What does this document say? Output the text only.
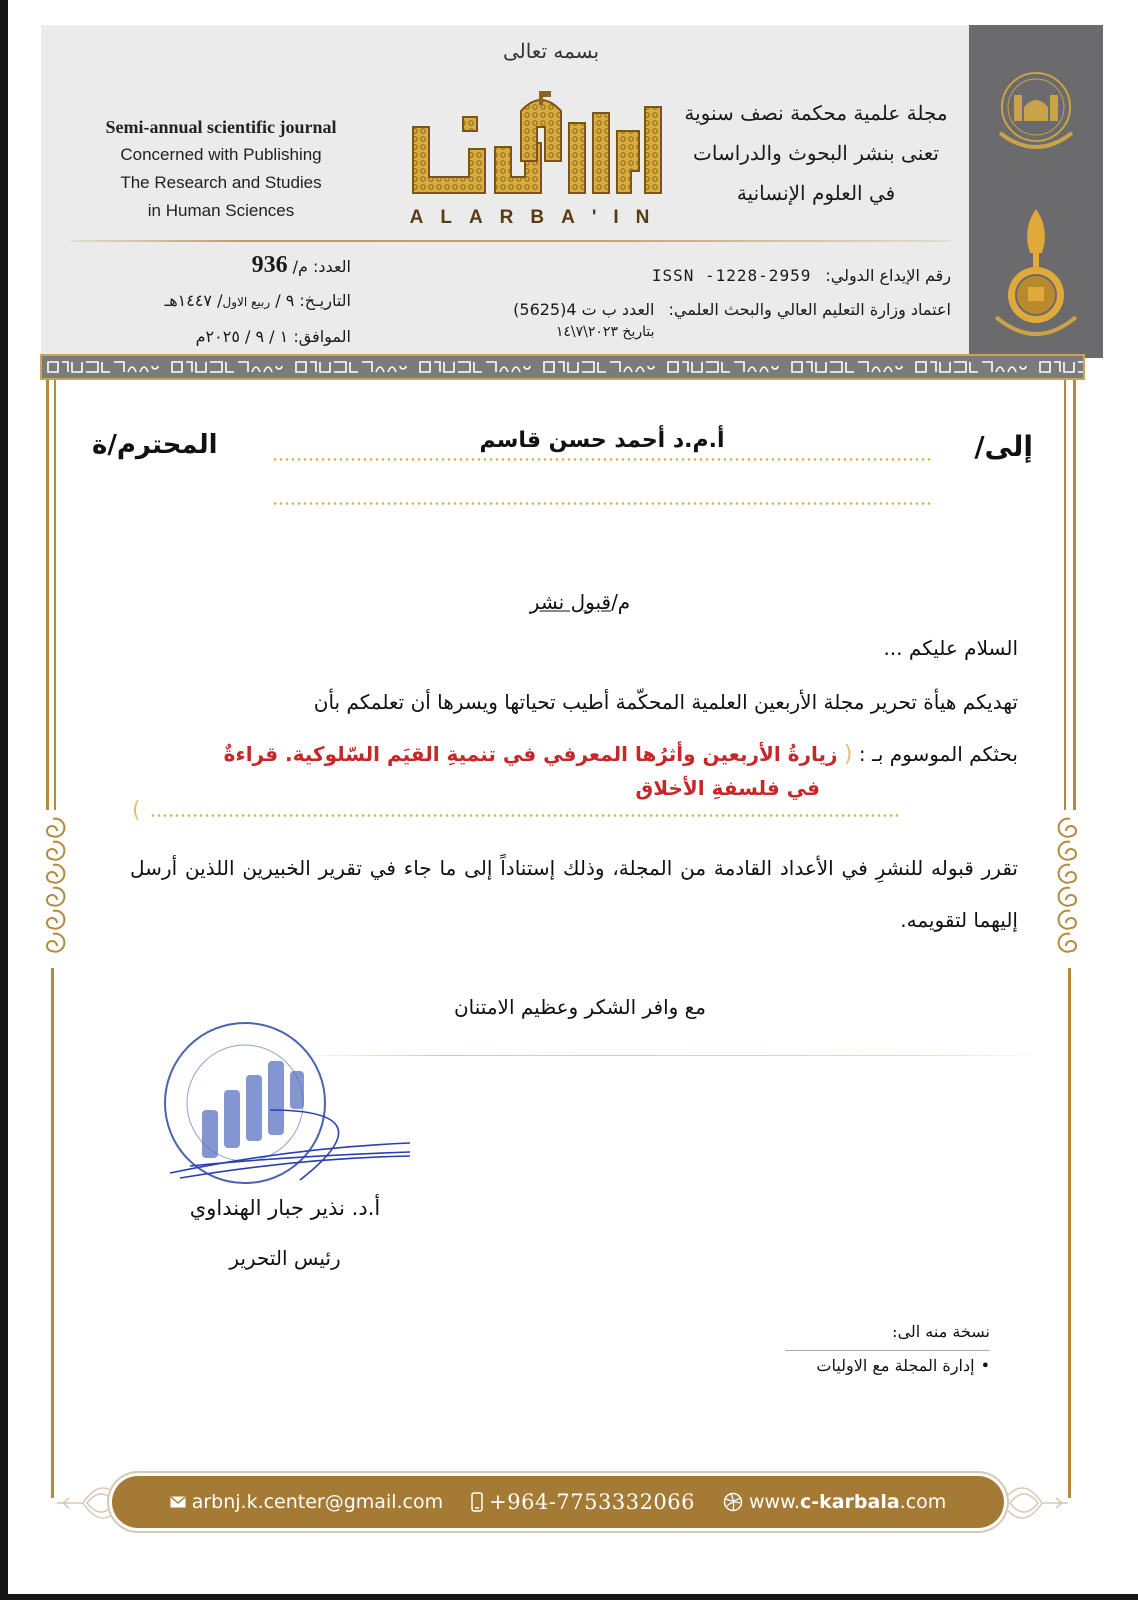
Semi-annual scientific journal
Concerned with Publishing
The Research and Studies
in Human Sciences
بسمه تعالى
ALARBA'IN
مجلة علمية محكمة نصف سنوية
تعنى بنشر البحوث والدراسات
في العلوم الإنسانية
العدد: م/ 936
التاريـخ: ٩ / ربيع الاول/ ١٤٤٧هـ
الموافق: ١ / ٩ / ٢٠٢٥م
رقم الإيداع الدولي:
ISSN -1228-2959
اعتماد وزارة التعليم العالي والبحث العلمي:
العدد ب ت 4(5625)
بتاريخ ٢٠٢٣\٧\١٤
إلى/
أ.م.د أحمد حسن قاسم
المحترم/ة
م/قبول نشر
السلام عليكم ...
تهديكم هيأة تحرير مجلة الأربعين العلمية المحكّمة أطيب تحياتها ويسرها أن تعلمكم بأن
بحثكم الموسوم بـ : ( زيارةُ الأربعين وأثرُها المعرفي في تنميةِ القيَم السّلوكية. قراءةٌ
في فلسفةِ الأخلاق
)
تقرر قبوله للنشرِ في الأعداد القادمة من المجلة، وذلك إستناداً إلى ما جاء في تقرير الخبيرين اللذين أرسل إليهما لتقويمه.
مع وافر الشكر وعظيم الامتنان
أ.د. نذير جبار الهنداوي
رئيس التحرير
نسخة منه الى:
•إدارة المجلة مع الاوليات
arbnj.k.center@gmail.com +964-7753332066	www.c-karbala.com
